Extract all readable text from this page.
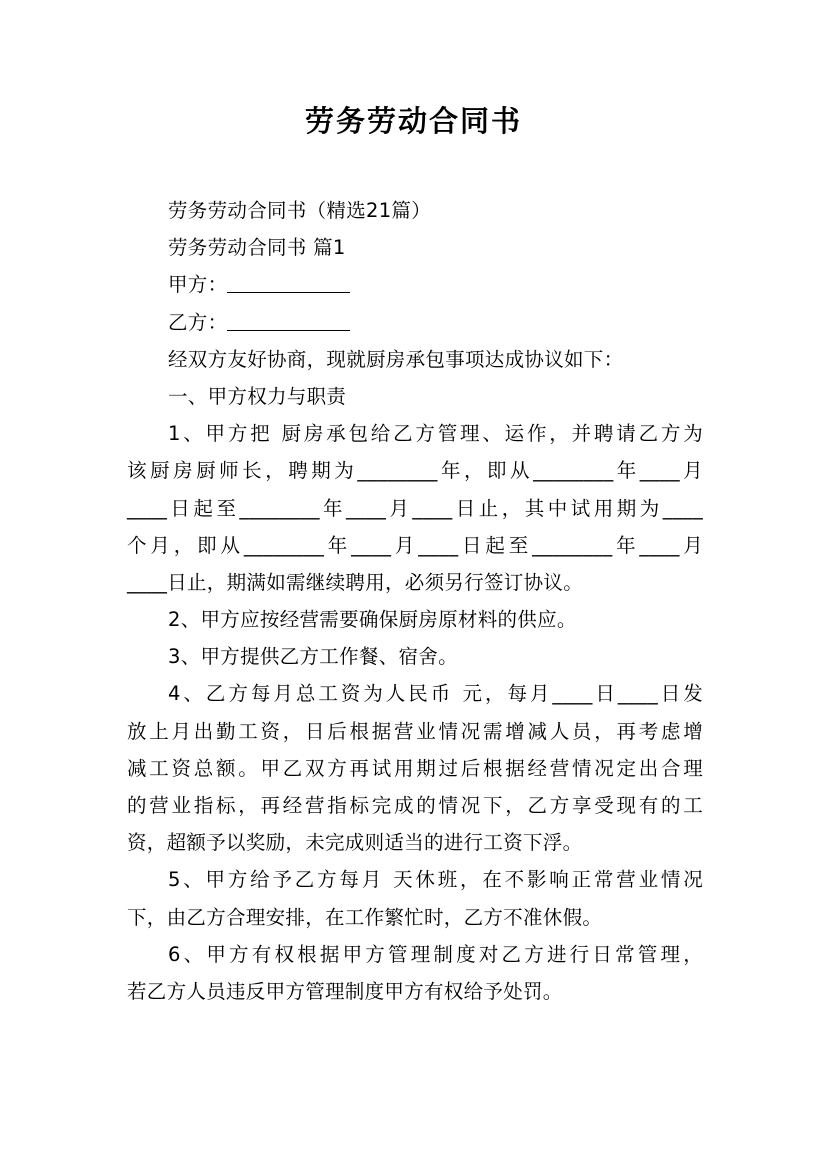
劳务劳动合同书
劳务劳动合同书（精选21篇）
劳务劳动合同书 篇1
甲方：
乙方：
经双方友好协商，现就厨房承包事项达成协议如下：
一、甲方权力与职责
1、甲方把 厨房承包给乙方管理、运作，并聘请乙方为
该厨房厨师长，聘期为________年，即从________年____月
____日起至________年____月____日止，其中试用期为____
个月，即从________年____月____日起至________年____月
____日止，期满如需继续聘用，必须另行签订协议。
2、甲方应按经营需要确保厨房原材料的供应。
3、甲方提供乙方工作餐、宿舍。
4、乙方每月总工资为人民币 元，每月____日____日发
放上月出勤工资，日后根据营业情况需增减人员，再考虑增
减工资总额。甲乙双方再试用期过后根据经营情况定出合理
的营业指标，再经营指标完成的情况下，乙方享受现有的工
资，超额予以奖励，未完成则适当的进行工资下浮。
5、甲方给予乙方每月 天休班，在不影响正常营业情况
下，由乙方合理安排，在工作繁忙时，乙方不准休假。
6、甲方有权根据甲方管理制度对乙方进行日常管理，
若乙方人员违反甲方管理制度甲方有权给予处罚。
